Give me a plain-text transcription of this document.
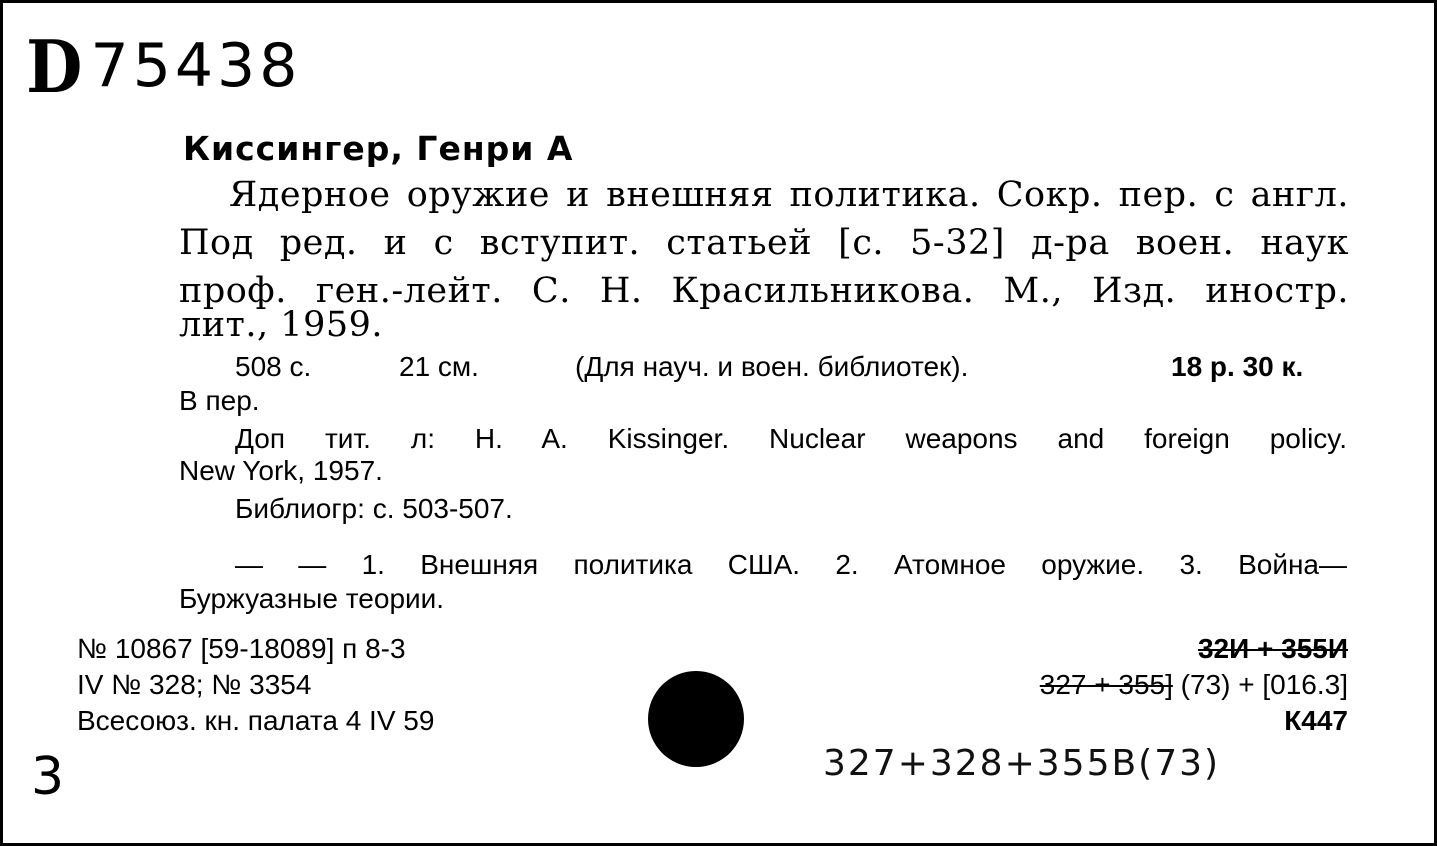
D 75438
Киссингер, Генри А
Ядерное оружие и внешняя политика. Сокр. пер. с англ.
Под ред. и с вступит. статьей [с. 5-32] д-ра воен. наук
проф. ген.-лейт. С. Н. Красильникова. М., Изд. иностр.
лит., 1959.
508 с.	21 см.	(Для науч. и воен. библиотек).	18 р. 30 к.
В пер.
Доп тит. л: H. A. Kissinger. Nuclear weapons and foreign policy.
New York, 1957.
Библиогр: с. 503-507.
— — 1. Внешняя политика США. 2. Атомное оружие. 3. Война—
Буржуазные теории.
№ 10867 [59-18089] п 8-3
IV № 328; № 3354
Всесоюз. кн. палата 4 IV 59
32И + 355И
327 + 355] (73) + [016.3]
К447
3	327+328+355В(73)
